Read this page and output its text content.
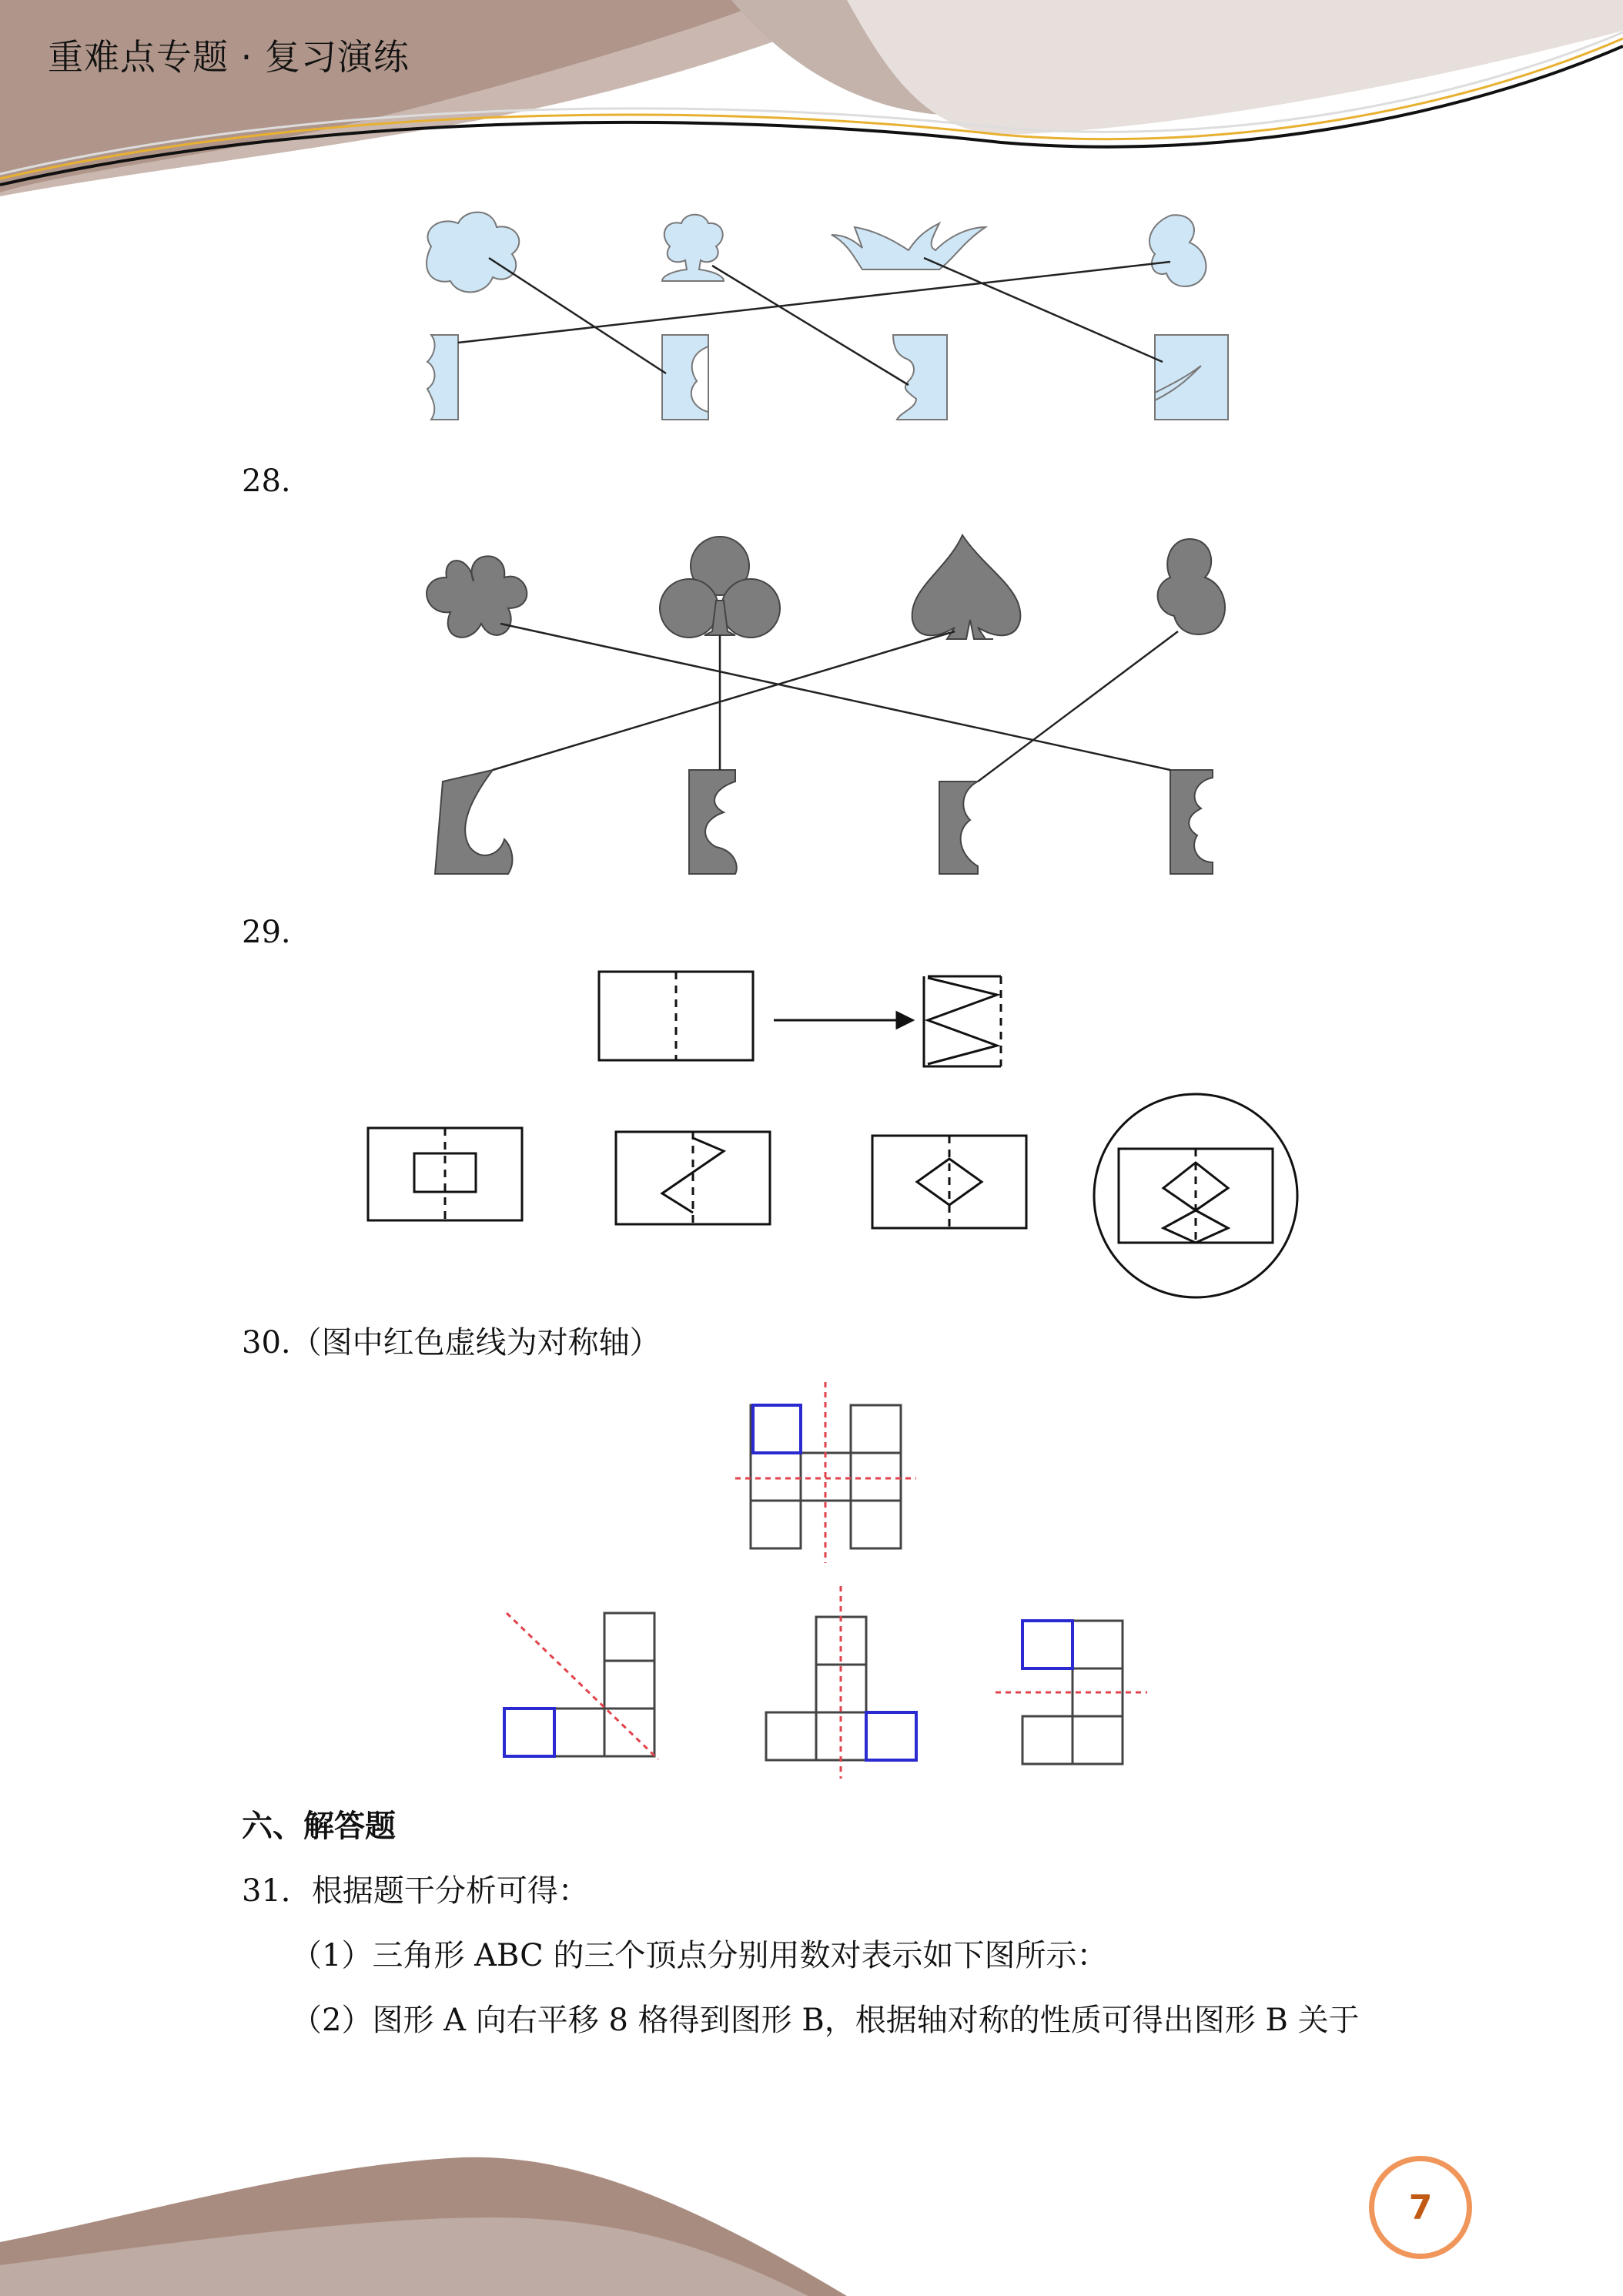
重难点专题 · 复习演练
28.
29.
30.（图中红色虚线为对称轴）
六、解答题
31．根据题干分析可得：
（1）三角形 ABC 的三个顶点分别用数对表示如下图所示：
（2）图形 A 向右平移 8 格得到图形 B，根据轴对称的性质可得出图形 B 关于
7
